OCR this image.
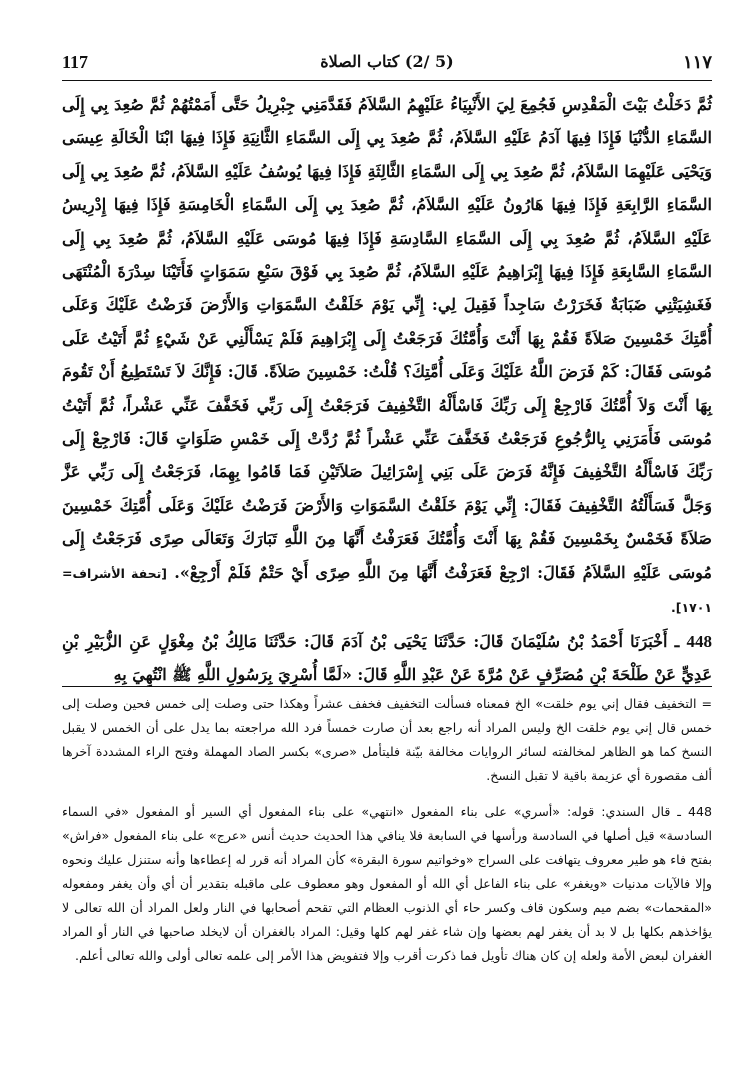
117	(5 /2) كتاب الصلاة	١١٧

ثُمَّ دَخَلْتُ بَيْتَ الْمَقْدِسِ فَجُمِعَ لِيَ الأَنْبِيَاءُ عَلَيْهِمُ السَّلاَمُ فَقَدَّمَنِي جِبْرِيلُ حَتَّى أَمَمْتُهُمْ ثُمَّ صُعِدَ بِي إِلَى السَّمَاءِ الدُّنْيَا فَإِذَا فِيهَا آدَمُ عَلَيْهِ السَّلاَمُ، ثُمَّ صُعِدَ بِي إِلَى السَّمَاءِ الثَّانِيَةِ فَإِذَا فِيهَا ابْنَا الْخَالَةِ عِيسَى وَيَحْيَى عَلَيْهِمَا السَّلاَمُ، ثُمَّ صُعِدَ بِي إِلَى السَّمَاءِ الثَّالِثَةِ فَإِذَا فِيهَا يُوسُفُ عَلَيْهِ السَّلاَمُ، ثُمَّ صُعِدَ بِي إِلَى السَّمَاءِ الرَّابِعَةِ فَإِذَا فِيهَا هَارُونُ عَلَيْهِ السَّلاَمُ، ثُمَّ صُعِدَ بِي إِلَى السَّمَاءِ الْخَامِسَةِ فَإِذَا فِيهَا إِدْرِيسُ عَلَيْهِ السَّلاَمُ، ثُمَّ صُعِدَ بِي إِلَى السَّمَاءِ السَّادِسَةِ فَإِذَا فِيهَا مُوسَى عَلَيْهِ السَّلاَمُ، ثُمَّ صُعِدَ بِي إِلَى السَّمَاءِ السَّابِعَةِ فَإِذَا فِيهَا إِبْرَاهِيمُ عَلَيْهِ السَّلاَمُ، ثُمَّ صُعِدَ بِي فَوْقَ سَبْعِ سَمَوَاتٍ فَأَتَيْنَا سِدْرَةَ الْمُنْتَهَى فَغَشِيَتْنِي ضَبَابَةٌ فَخَرَرْتُ سَاجِداً فَقِيلَ لِي: إِنِّي يَوْمَ خَلَقْتُ السَّمَوَاتِ وَالأَرْضَ فَرَضْتُ عَلَيْكَ وَعَلَى أُمَّتِكَ خَمْسِينَ صَلاَةً فَقُمْ بِهَا أَنْتَ وَأُمَّتُكَ فَرَجَعْتُ إِلَى إِبْرَاهِيمَ فَلَمْ يَسْأَلْنِي عَنْ شَيْءٍ ثُمَّ أَتَيْتُ عَلَى مُوسَى فَقَالَ: كَمْ فَرَضَ اللَّهُ عَلَيْكَ وَعَلَى أُمَّتِكَ؟ قُلْتُ: خَمْسِينَ صَلاَةً. قَالَ: فَإِنَّكَ لاَ تَسْتَطِيعُ أَنْ تَقُومَ بِهَا أَنْتَ وَلاَ أُمَّتُكَ فَارْجِعْ إِلَى رَبِّكَ فَاسْأَلْهُ التَّخْفِيفَ فَرَجَعْتُ إِلَى رَبِّي فَخَفَّفَ عَنِّي عَشْراً، ثُمَّ أَتَيْتُ مُوسَى فَأَمَرَنِي بِالرُّجُوعِ فَرَجَعْتُ فَخَفَّفَ عَنِّي عَشْراً ثُمَّ رُدَّتْ إِلَى خَمْسِ صَلَوَاتٍ قَالَ: فَارْجِعْ إِلَى رَبِّكَ فَاسْأَلْهُ التَّخْفِيفَ فَإِنَّهُ فَرَضَ عَلَى بَنِي إِسْرَائِيلَ صَلاَتَيْنِ فَمَا قَامُوا بِهِمَا، فَرَجَعْتُ إِلَى رَبِّي عَزَّ وَجَلَّ فَسَأَلْتُهُ التَّخْفِيفَ فَقَالَ: إِنِّي يَوْمَ خَلَقْتُ السَّمَوَاتِ وَالأَرْضَ فَرَضْتُ عَلَيْكَ وَعَلَى أُمَّتِكَ خَمْسِينَ صَلاَةً فَخَمْسٌ بِخَمْسِينَ فَقُمْ بِهَا أَنْتَ وَأُمَّتُكَ فَعَرَفْتُ أَنَّهَا مِنَ اللَّهِ تَبَارَكَ وَتَعَالَى صِرًى فَرَجَعْتُ إِلَى مُوسَى عَلَيْهِ السَّلاَمُ فَقَالَ: ارْجِعْ فَعَرَفْتُ أَنَّهَا مِنَ اللَّهِ صِرًى أَيْ حَتْمٌ فَلَمْ أَرْجِعْ». [تحفة الأشراف= ١٧٠١].

448 ـ أَخْبَرَنَا أَحْمَدُ بْنُ سُلَيْمَانَ قَالَ: حَدَّثَنَا يَحْيَى بْنُ آدَمَ قَالَ: حَدَّثَنَا مَالِكُ بْنُ مِغْوَلٍ عَنِ الزُّبَيْرِ بْنِ عَدِيٍّ عَنْ طَلْحَةَ بْنِ مُصَرِّفٍ عَنْ مُرَّةَ عَنْ عَبْدِ اللَّهِ قَالَ: «لَمَّا أُسْرِيَ بِرَسُولِ اللَّهِ ﷺ انْتُهِيَ بِهِ

= التخفيف فقال إني يوم خلقت» الخ فمعناه فسألت التخفيف فخفف عشراً وهكذا حتى وصلت إلى خمس فحين وصلت إلى خمس قال إني يوم خلقت الخ وليس المراد أنه راجع بعد أن صارت خمساً فرد الله مراجعته بما يدل على أن الخمس لا يقبل النسخ كما هو الظاهر لمخالفته لسائر الروايات مخالفة بيّنة فليتأمل «صرى» بكسر الصاد المهملة وفتح الراء المشددة آخرها ألف مقصورة أي عزيمة باقية لا تقبل النسخ.

448 ـ قال السندي: قوله: «أسري» على بناء المفعول «انتهي» على بناء المفعول أي السير أو المفعول «في السماء السادسة» قيل أصلها في السادسة ورأسها في السابعة فلا ينافي هذا الحديث حديث أنس «عرج» على بناء المفعول «فراش» بفتح فاء هو طير معروف يتهافت على السراج «وخواتيم سورة البقرة» كأن المراد أنه قرر له إعطاءها وأنه ستنزل عليك ونحوه وإلا فالآيات مدنيات «ويغفر» على بناء الفاعل أي الله أو المفعول وهو معطوف على ماقبله بتقدير أن أي وأن يغفر ومفعوله «المقحمات» بضم ميم وسكون قاف وكسر حاء أي الذنوب العظام التي تقحم أصحابها في النار ولعل المراد أن الله تعالى لا يؤاخذهم بكلها بل لا بد أن يغفر لهم بعضها وإن شاء غفر لهم كلها وقيل: المراد بالغفران أن لايخلد صاحبها في النار أو المراد الغفران لبعض الأمة ولعله إن كان هناك تأويل فما ذكرت أقرب وإلا فتفويض هذا الأمر إلى علمه تعالى أولى والله تعالى أعلم.
